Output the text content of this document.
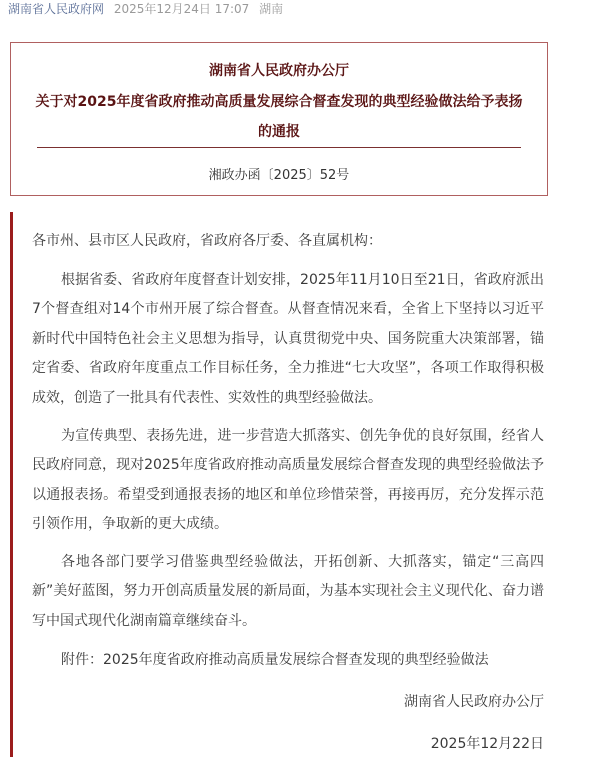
湖南省人民政府网 2025年12月24日 17:07 湖南
湖南省人民政府办公厅
关于对2025年度省政府推动高质量发展综合督查发现的典型经验做法给予表扬
的通报
湘政办函〔2025〕52号
各市州、县市区人民政府，省政府各厅委、各直属机构：
根据省委、省政府年度督查计划安排，2025年11月10日至21日，省政府派出7个督查组对14个市州开展了综合督查。从督查情况来看，全省上下坚持以习近平新时代中国特色社会主义思想为指导，认真贯彻党中央、国务院重大决策部署，锚定省委、省政府年度重点工作目标任务，全力推进“七大攻坚”，各项工作取得积极成效，创造了一批具有代表性、实效性的典型经验做法。
为宣传典型、表扬先进，进一步营造大抓落实、创先争优的良好氛围，经省人民政府同意，现对2025年度省政府推动高质量发展综合督查发现的典型经验做法予以通报表扬。希望受到通报表扬的地区和单位珍惜荣誉，再接再厉，充分发挥示范引领作用，争取新的更大成绩。
各地各部门要学习借鉴典型经验做法，开拓创新、大抓落实，锚定“三高四新”美好蓝图，努力开创高质量发展的新局面，为基本实现社会主义现代化、奋力谱写中国式现代化湖南篇章继续奋斗。
附件：2025年度省政府推动高质量发展综合督查发现的典型经验做法
湖南省人民政府办公厅
2025年12月22日
